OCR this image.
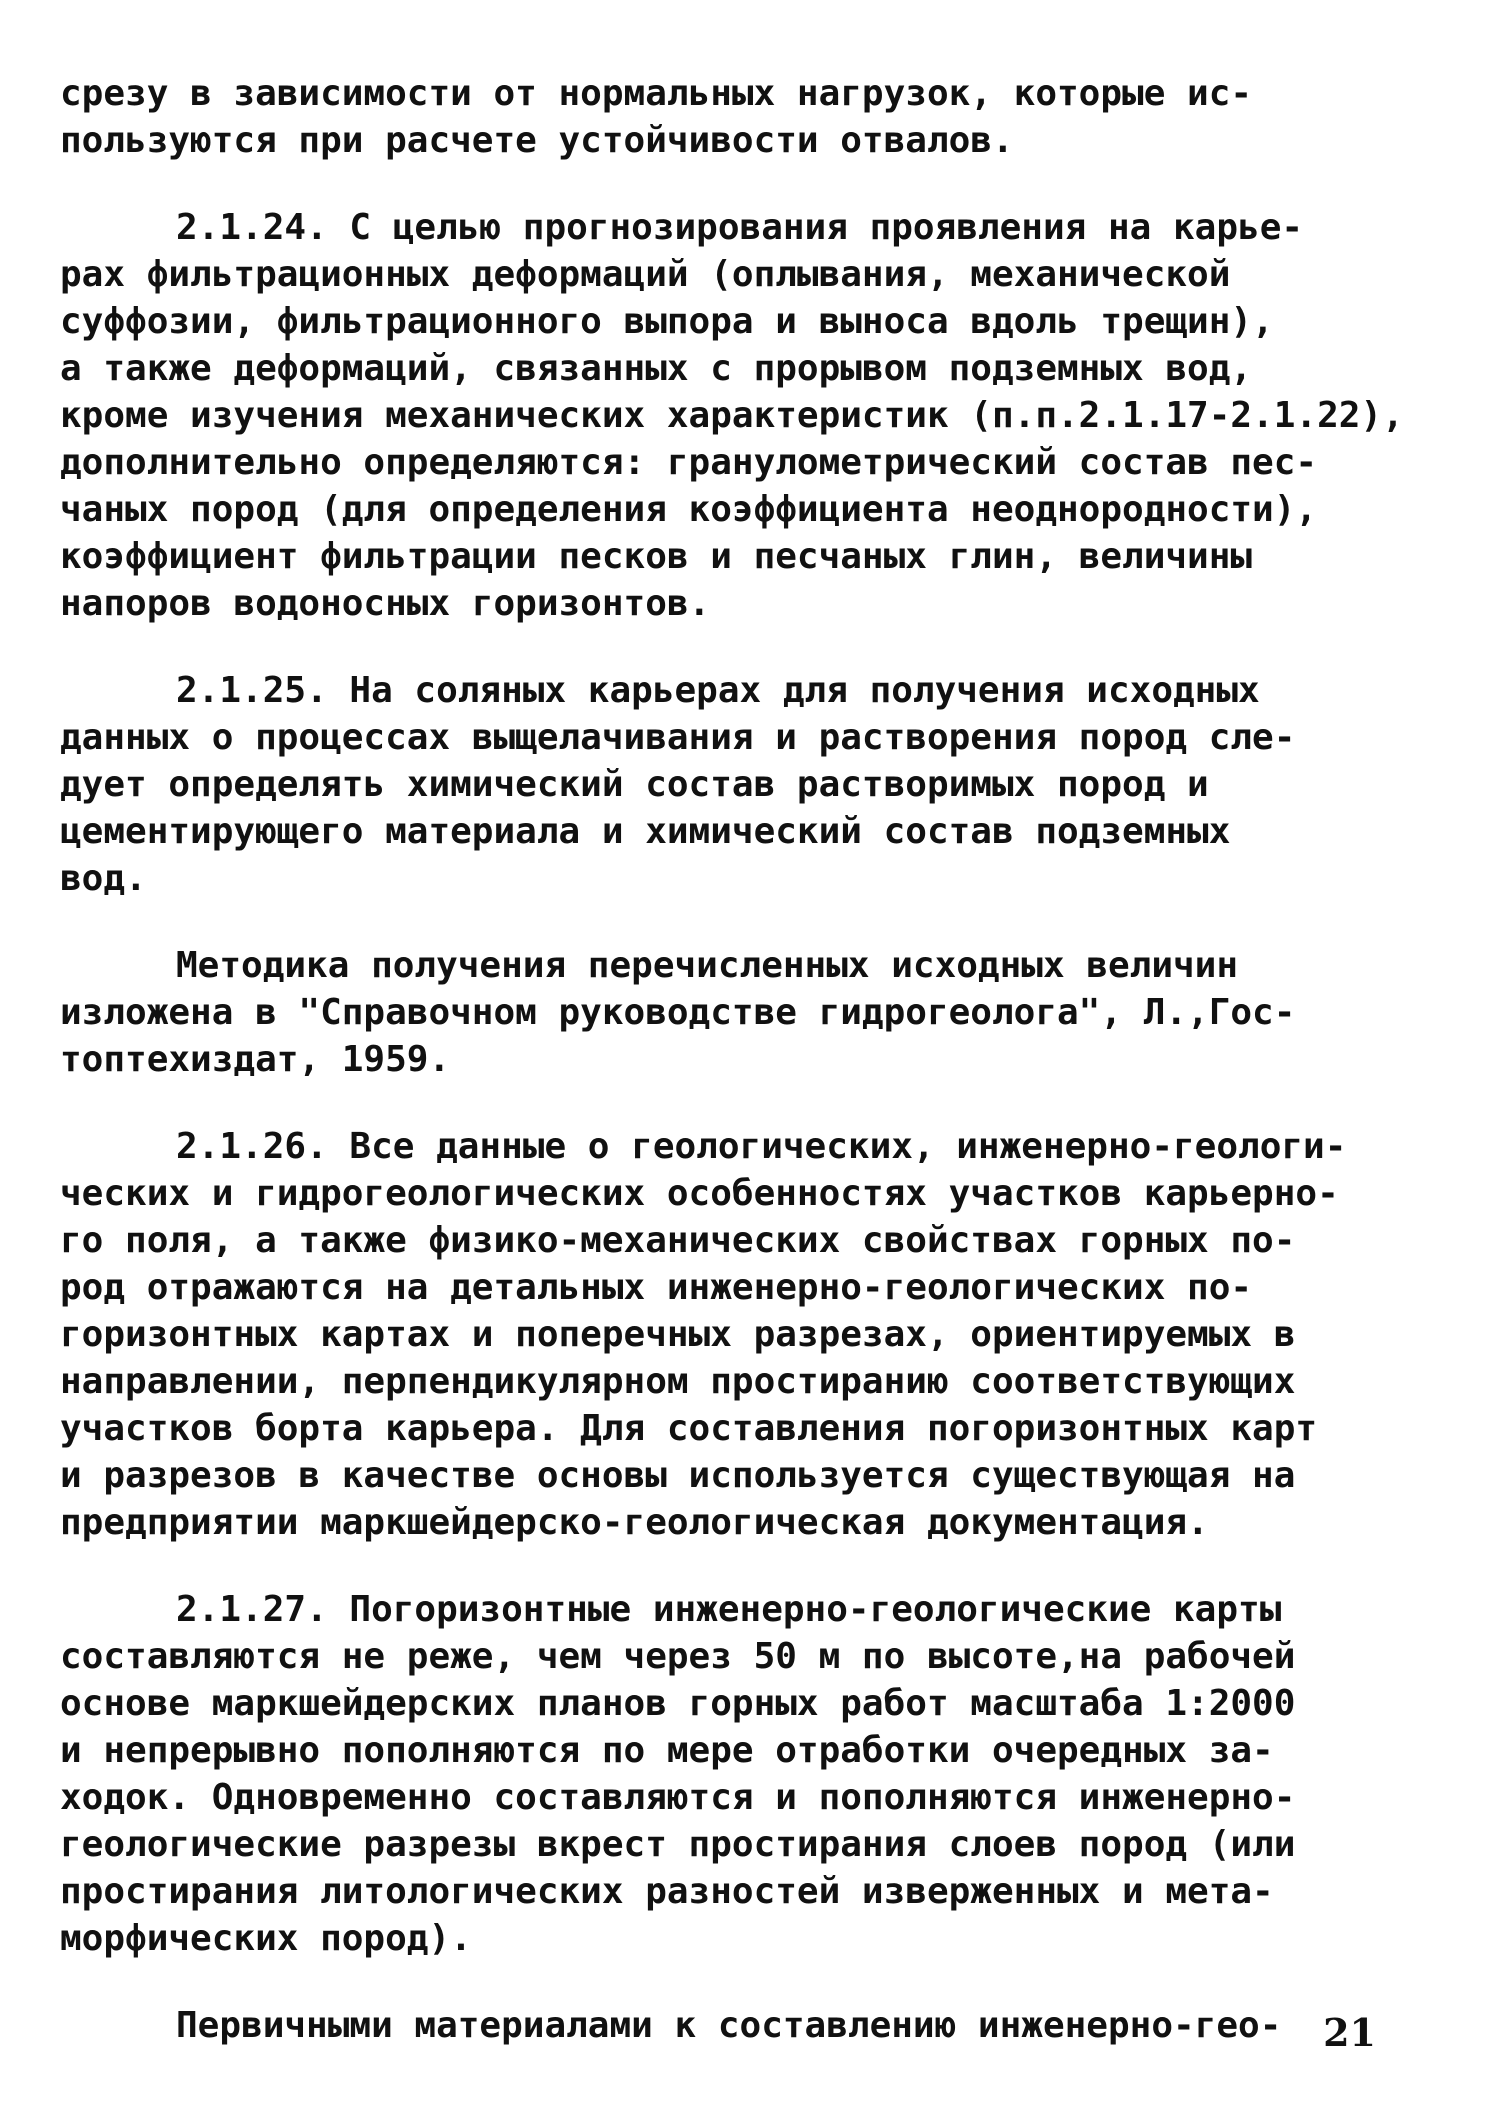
срезу в зависимости от нормальных нагрузок, которые ис-
пользуются при расчете устойчивости отвалов.

2.1.24. С целью прогнозирования проявления на карье-
рах фильтрационных деформаций (оплывания, механической
суффозии, фильтрационного выпора и выноса вдоль трещин),
а также деформаций, связанных с прорывом подземных вод,
кроме изучения механических характеристик (п.п.2.1.17-2.1.22),
дополнительно определяются: гранулометрический состав пес-
чаных пород (для определения коэффициента неоднородности),
коэффициент фильтрации песков и песчаных глин, величины
напоров водоносных горизонтов.

2.1.25. На соляных карьерах для получения исходных
данных о процессах выщелачивания и растворения пород сле-
дует определять химический состав растворимых пород и
цементирующего материала и химический состав подземных
вод.

Методика получения перечисленных исходных величин
изложена в "Справочном руководстве гидрогеолога", Л.,Гос-
топтехиздат, 1959.

2.1.26. Все данные о геологических, инженерно-геологи-
ческих и гидрогеологических особенностях участков карьерно-
го поля, а также физико-механических свойствах горных по-
род отражаются на детальных инженерно-геологических по-
горизонтных картах и поперечных разрезах, ориентируемых в
направлении, перпендикулярном простиранию соответствующих
участков борта карьера. Для составления погоризонтных карт
и разрезов в качестве основы используется существующая на
предприятии маркшейдерско-геологическая документация.

2.1.27. Погоризонтные инженерно-геологические карты
составляются не реже, чем через 50 м по высоте,на рабочей
основе маркшейдерских планов горных работ масштаба 1:2000
и непрерывно пополняются по мере отработки очередных за-
ходок. Одновременно составляются и пополняются инженерно-
геологические разрезы вкрест простирания слоев пород (или
простирания литологических разностей изверженных и мета-
морфических пород).

Первичными материалами к составлению инженерно-гео-	21
